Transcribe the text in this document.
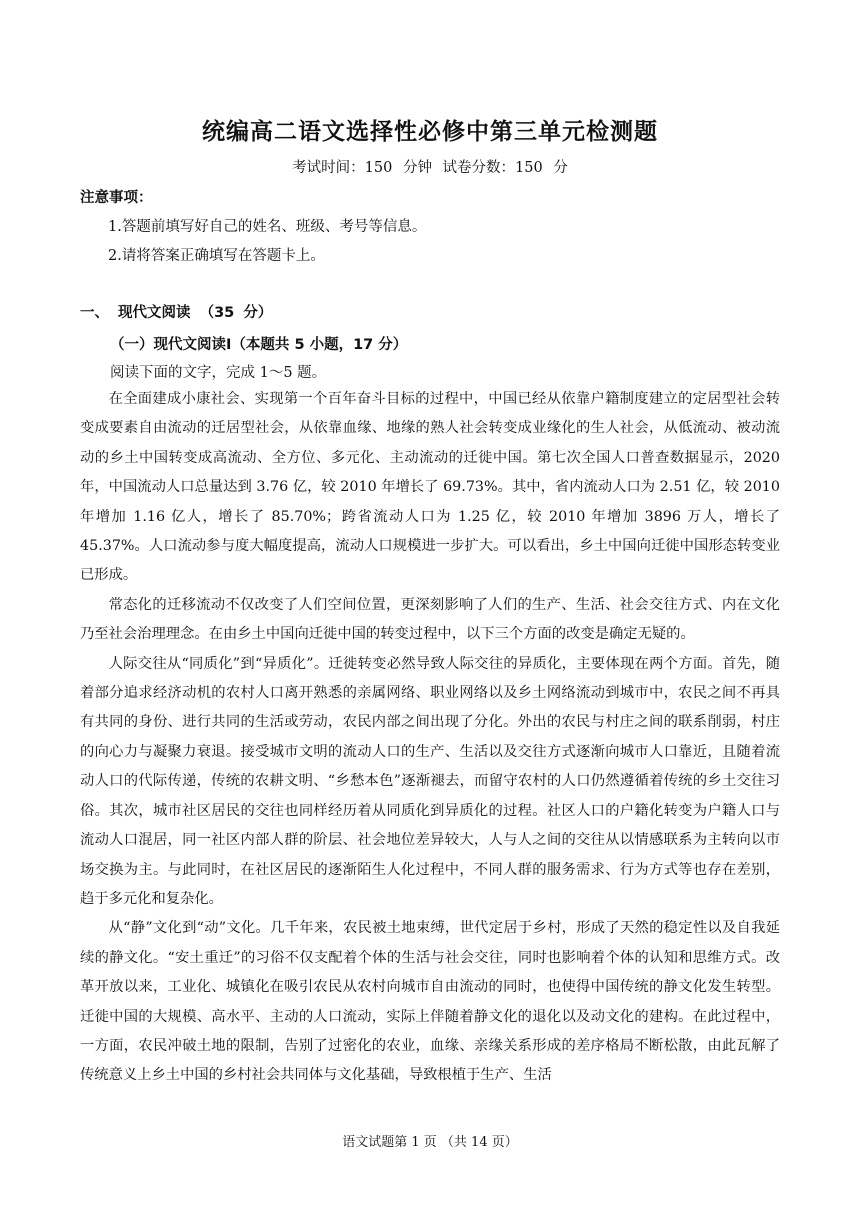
统编高二语文选择性必修中第三单元检测题
考试时间：150 分钟 试卷分数：150 分
注意事项：
1.答题前填写好自己的姓名、班级、考号等信息。
2.请将答案正确填写在答题卡上。
一、 现代文阅读 （35 分）
（一）现代文阅读Ⅰ（本题共 5 小题，17 分）
阅读下面的文字，完成 1～5 题。

在全面建成小康社会、实现第一个百年奋斗目标的过程中，中国已经从依靠户籍制度建立的定居型社会转变成要素自由流动的迁居型社会，从依靠血缘、地缘的熟人社会转变成业缘化的生人社会，从低流动、被动流动的乡土中国转变成高流动、全方位、多元化、主动流动的迁徙中国。第七次全国人口普查数据显示，2020 年，中国流动人口总量达到 3.76 亿，较 2010 年增长了 69.73%。其中，省内流动人口为 2.51 亿，较 2010 年增加 1.16 亿人，增长了 85.70%；跨省流动人口为 1.25 亿，较 2010 年增加 3896 万人，增长了 45.37%。人口流动参与度大幅度提高，流动人口规模进一步扩大。可以看出，乡土中国向迁徙中国形态转变业已形成。

常态化的迁移流动不仅改变了人们空间位置，更深刻影响了人们的生产、生活、社会交往方式、内在文化乃至社会治理理念。在由乡土中国向迁徙中国的转变过程中，以下三个方面的改变是确定无疑的。

人际交往从“同质化”到“异质化”。迁徙转变必然导致人际交往的异质化，主要体现在两个方面。首先，随着部分追求经济动机的农村人口离开熟悉的亲属网络、职业网络以及乡土网络流动到城市中，农民之间不再具有共同的身份、进行共同的生活或劳动，农民内部之间出现了分化。外出的农民与村庄之间的联系削弱，村庄的向心力与凝聚力衰退。接受城市文明的流动人口的生产、生活以及交往方式逐渐向城市人口靠近，且随着流动人口的代际传递，传统的农耕文明、“乡愁本色”逐渐褪去，而留守农村的人口仍然遵循着传统的乡土交往习俗。其次，城市社区居民的交往也同样经历着从同质化到异质化的过程。社区人口的户籍化转变为户籍人口与流动人口混居，同一社区内部人群的阶层、社会地位差异较大，人与人之间的交往从以情感联系为主转向以市场交换为主。与此同时，在社区居民的逐渐陌生人化过程中，不同人群的服务需求、行为方式等也存在差别，趋于多元化和复杂化。

从“静”文化到“动”文化。几千年来，农民被土地束缚，世代定居于乡村，形成了天然的稳定性以及自我延续的静文化。“安土重迁”的习俗不仅支配着个体的生活与社会交往，同时也影响着个体的认知和思维方式。改革开放以来，工业化、城镇化在吸引农民从农村向城市自由流动的同时，也使得中国传统的静文化发生转型。迁徙中国的大规模、高水平、主动的人口流动，实际上伴随着静文化的退化以及动文化的建构。在此过程中，一方面，农民冲破土地的限制，告别了过密化的农业，血缘、亲缘关系形成的差序格局不断松散，由此瓦解了传统意义上乡土中国的乡村社会共同体与文化基础，导致根植于生产、生活

语文试题第 1 页 （共 14 页）
